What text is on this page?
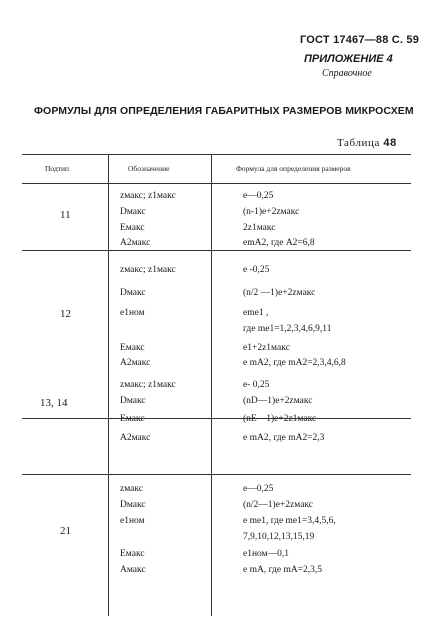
ГОСТ 17467—88 С. 59
ПРИЛОЖЕНИЕ 4
Справочное
ФОРМУЛЫ ДЛЯ ОПРЕДЕЛЕНИЯ ГАБАРИТНЫХ РАЗМЕРОВ МИКРОСХЕМ
Таблица 48
Подтип	Обозначение	Формула для определения размеров
11
zмакс; z1макс
Dмакс
Eмакс
A2макс
e—0,25
(n-1)e+2zмакс
2z1макс
emA2, где A2=6,8
12
zмакс; z1макс
Dмакс
e1ном
Eмакс
A2макс
e -0,25
(n/2 —1)e+2zмакс
eme1 ,
где me1=1,2,3,4,6,9,11
e1+2z1макс
e mA2, где mA2=2,3,4,6,8
13, 14
zмакс; z1макс
Dмакс
Eмакс
A2макс
e- 0,25
(nD—1)e+2zмакс
(nE—1)e+2z1макс
e mA2, где mA2=2,3
21
zмакс
Dмакс
e1ном
Eмакс
Aмакс
e—0,25
(n/2—1)e+2zмакс
e me1, где me1=3,4,5,6,
7,9,10,12,13,15,19
e1ном—0,1
e mA, где mA=2,3,5
